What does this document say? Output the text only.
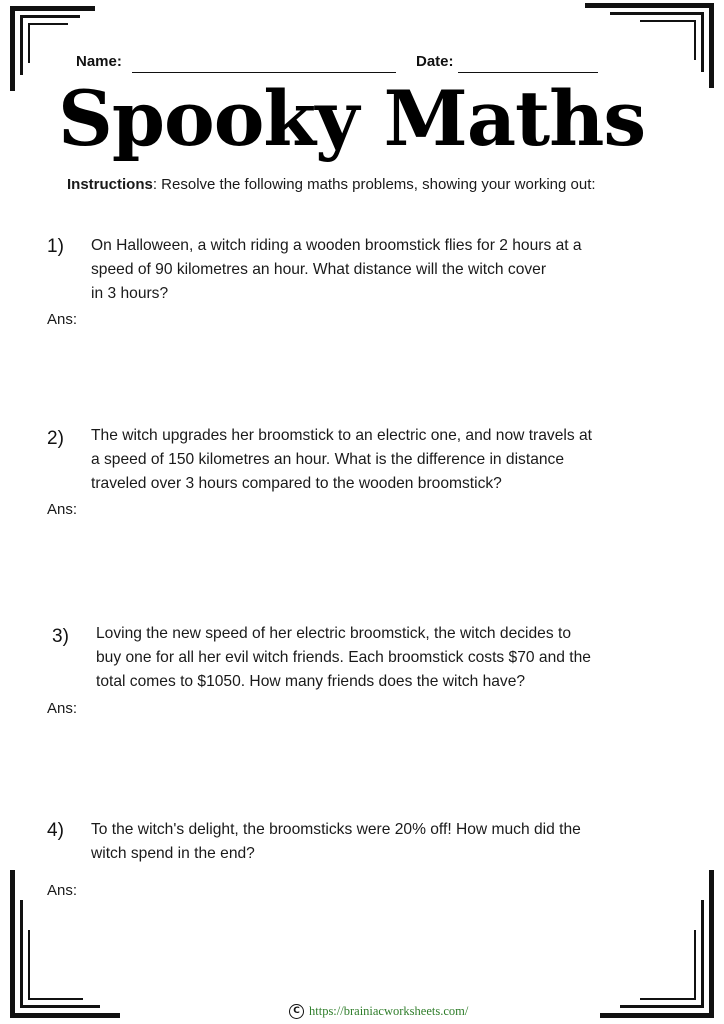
Name:	Date:
Spooky Maths
Instructions: Resolve the following maths problems, showing your working out:
1) On Halloween, a witch riding a wooden broomstick flies for 2 hours at a
speed of 90 kilometres an hour. What distance will the witch cover
in 3 hours?
Ans:
2) The witch upgrades her broomstick to an electric one, and now travels at
a speed of 150 kilometres an hour. What is the difference in distance
traveled over 3 hours compared to the wooden broomstick?
Ans:
3) Loving the new speed of her electric broomstick, the witch decides to
buy one for all her evil witch friends. Each broomstick costs $70 and the
total comes to $1050. How many friends does the witch have?
Ans:
4) To the witch's delight, the broomsticks were 20% off! How much did the
witch spend in the end?
Ans:
C https://brainiacworksheets.com/
